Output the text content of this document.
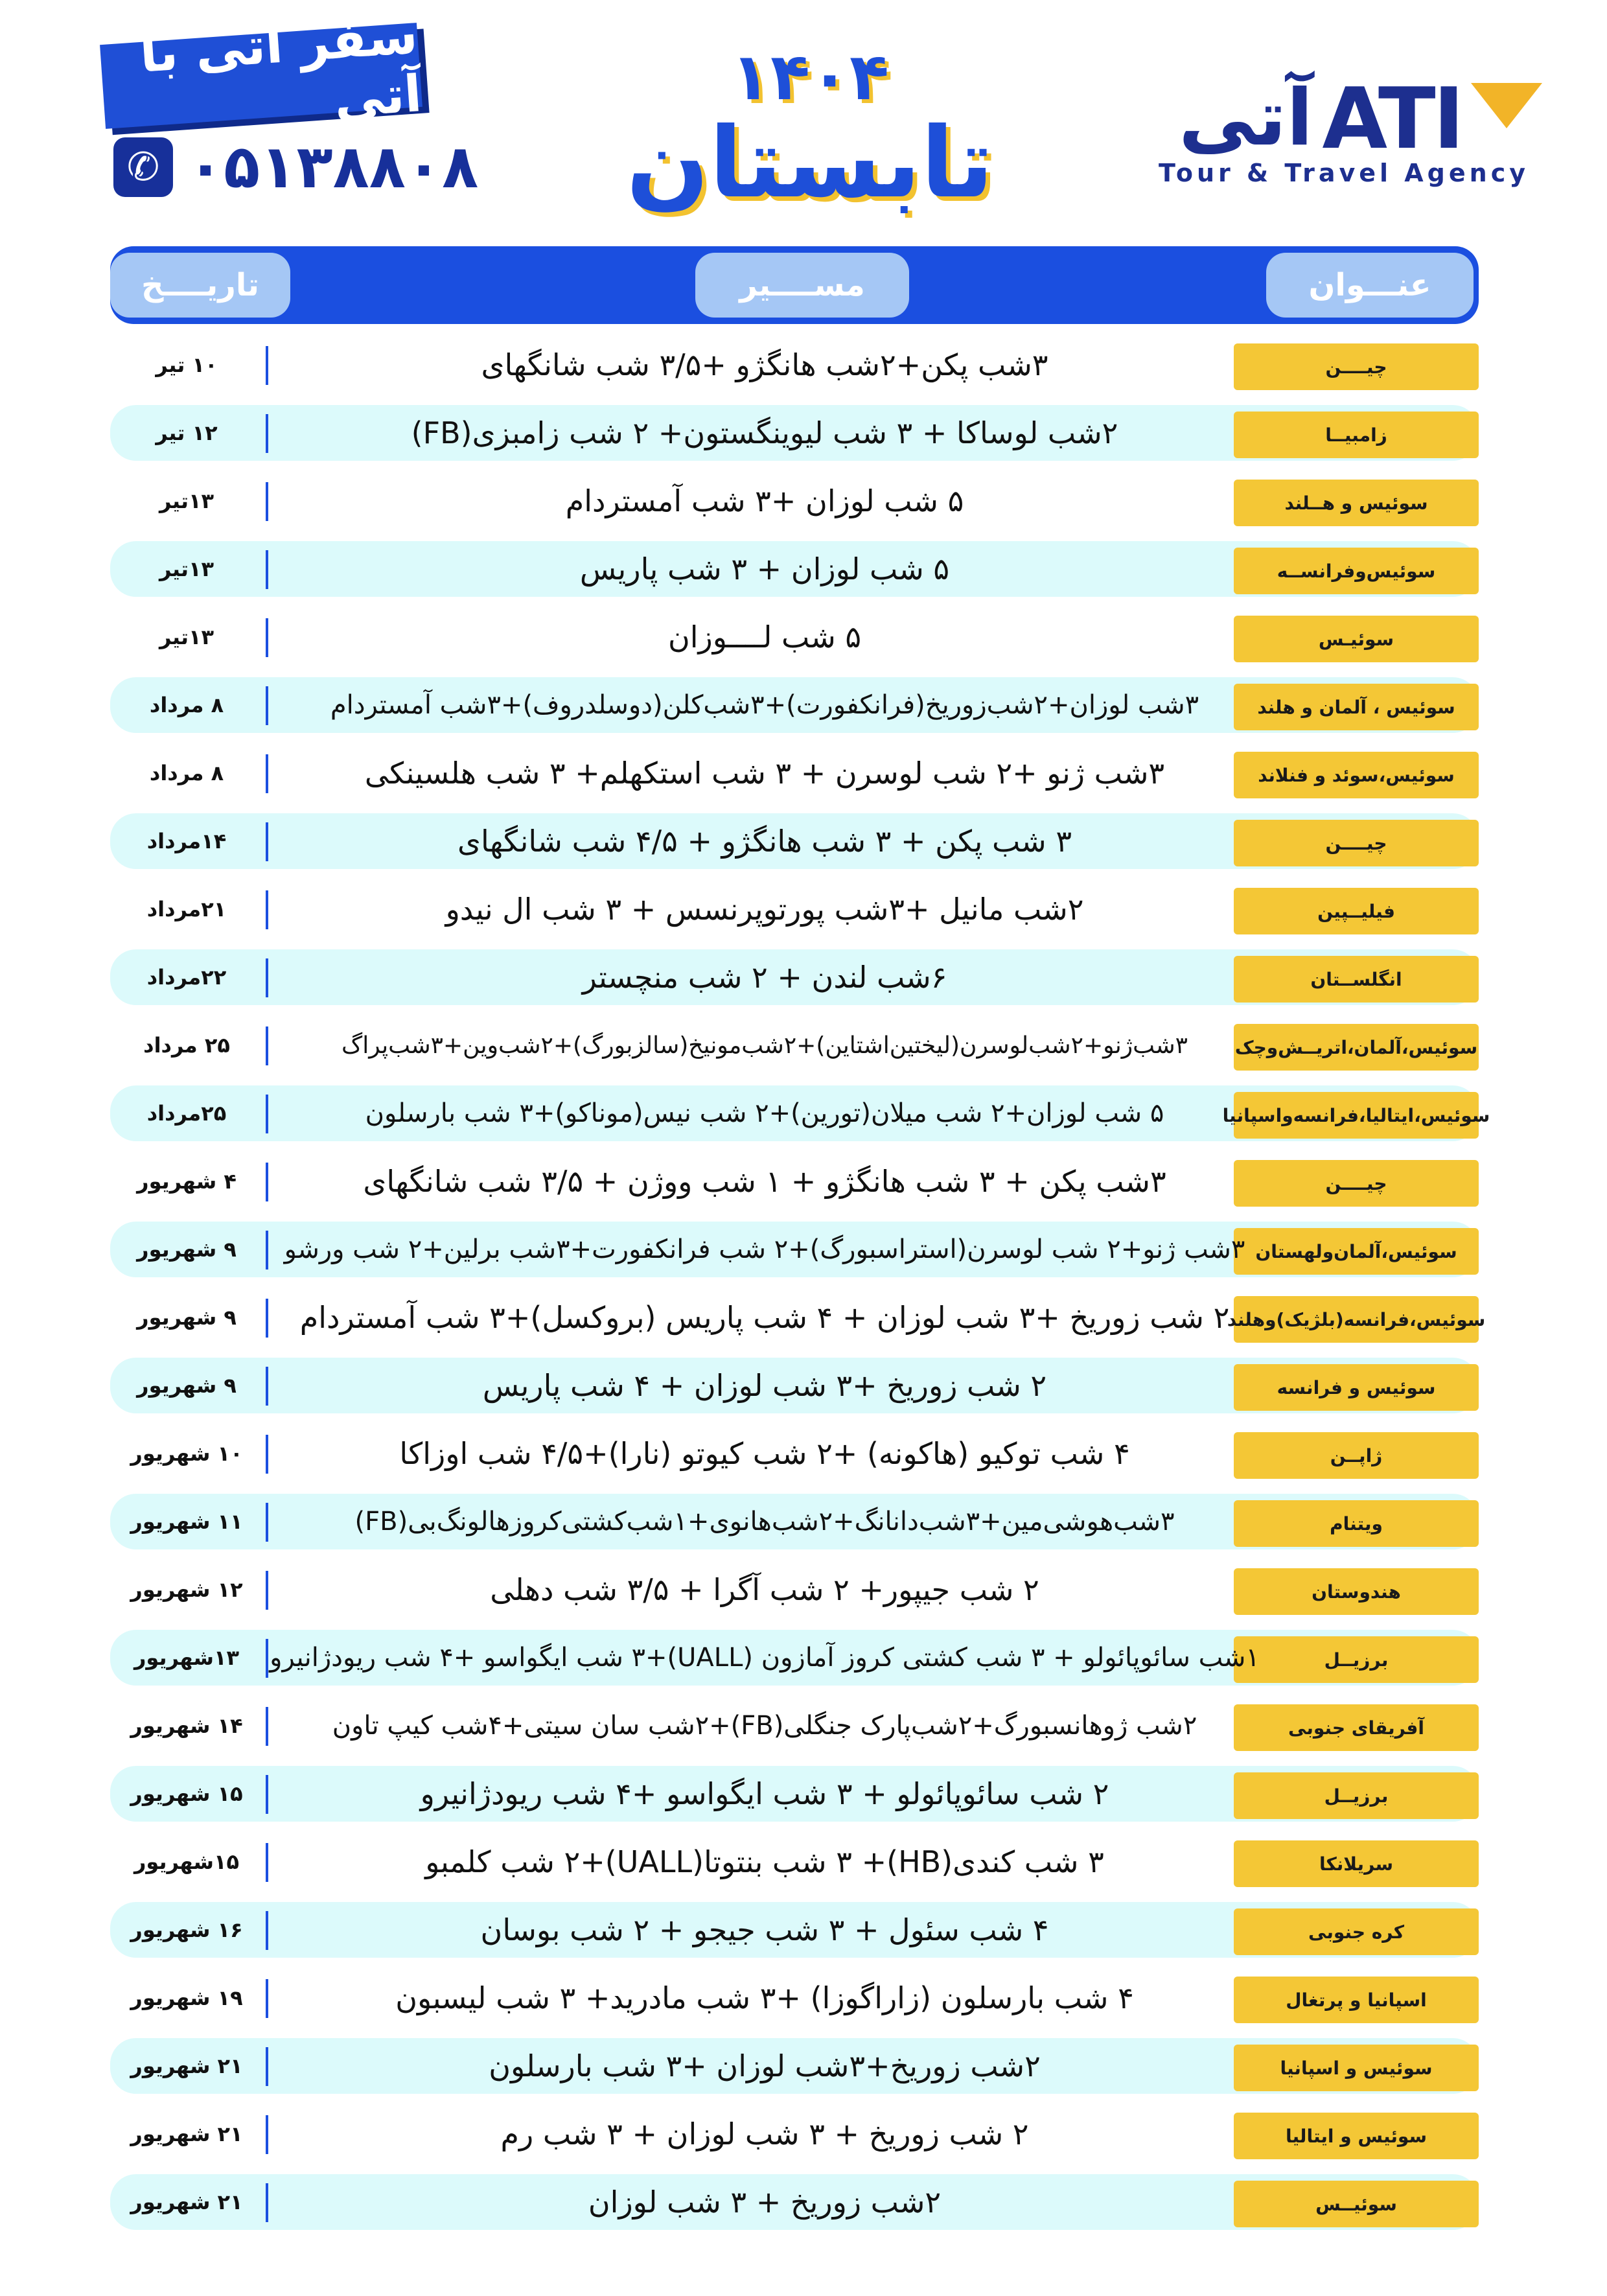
سفر آتی با آتی
✆ ۰۵۱۳۸۸۰۸
۱۴۰۴
تابستان	آتی ATI
Tour & Travel Agency
عنـــوان
مســــیر
تاریــــخ
چیــــن
۳شب پکن+۲شب هانگژو +۳/۵ شب شانگهای
۱۰ تیر
زامبیــا
۲شب لوساکا + ۳ شب لیوینگستون+ ۲ شب زامبزی(FB)
۱۲ تیر
سوئیس و هــلند
۵ شب لوزان +۳ شب آمستردام
۱۳تیر
سوئیس‌وفرانســه
۵ شب لوزان + ۳ شب پاریس
۱۳تیر
سوئیـس
۵ شب لــــوزان
۱۳تیر
سوئیس ، آلمان و هلند
۳شب لوزان+۲شب‌زوریخ(فرانکفورت)+۳شب‌کلن(دوسلدروف)+۳شب آمستردام
۸ مرداد
سوئیس،سوئد و فنلاند
۳شب ژنو +۲ شب لوسرن + ۳ شب استکهلم+ ۳ شب هلسینکی
۸ مرداد
چیــــن
۳ شب پکن + ۳ شب هانگژو + ۴/۵ شب شانگهای
۱۴مرداد
فیلیــپین
۲شب مانیل +۳شب پورتوپرنسس + ۳ شب ال نیدو
۲۱مرداد
انگلســتان
۶شب لندن + ۲ شب منچستر
۲۲مرداد
سوئیس،آلمان،اتریــش‌وچک
۳شب‌ژنو+۲شب‌لوسرن(لیختین‌اشتاین)+۲شب‌مونیخ(سالزبورگ)+۲شب‌وین+۳شب‌پراگ
۲۵ مرداد
سوئیس،ایتالیا،فرانسه‌واسپانیا
۵ شب لوزان+۲ شب میلان(تورین)+۲ شب نیس(موناکو)+۳ شب بارسلون
۲۵مرداد
چیــــن
۳شب پکن + ۳ شب هانگژو + ۱ شب ووژن + ۳/۵ شب شانگهای
۴ شهریور
سوئیس،آلمان‌ولهستان
۳شب ژنو+۲ شب لوسرن(استراسبورگ)+۲ شب فرانکفورت+۳شب برلین+۲ شب ورشو
۹ شهریور
سوئیس،فرانسه(بلژیک)وهلند
۲ شب زوریخ +۳ شب لوزان + ۴ شب پاریس (بروکسل)+۳ شب آمستردام
۹ شهریور
سوئیس و فرانسه
۲ شب زوریخ +۳ شب لوزان + ۴ شب پاریس
۹ شهریور
ژاپــن
۴ شب توکیو (هاکونه) +۲ شب کیوتو (نارا)+۴/۵ شب اوزاکا
۱۰ شهریور
ویتنام
۳شب‌هوشی‌مین+۳شب‌دانانگ+۲شب‌هانوی+۱شب‌کشتی‌کروزهالونگ‌بی(FB)
۱۱ شهریور
هندوستان
۲ شب جیپور+ ۲ شب آگرا + ۳/۵ شب دهلی
۱۲ شهریور
برزیــل
۱شب سائوپائولو + ۳ شب کشتی کروز آمازون (UALL)+۳ شب ایگواسو +۴ شب ریودژانیرو
۱۳شهریور
آفریقای جنوبی
۲شب ژوهانسبورگ+۲شب‌پارک جنگلی(FB)+۲شب سان سیتی+۴شب کیپ تاون
۱۴ شهریور
برزیــل
۲ شب سائوپائولو + ۳ شب ایگواسو +۴ شب ریودژانیرو
۱۵ شهریور
سریلانکا
۳ شب کندی(HB)+ ۳ شب بنتوتا(UALL)+۲ شب کلمبو
۱۵شهریور
کره جنوبی
۴ شب سئول + ۳ شب جیجو + ۲ شب بوسان
۱۶ شهریور
اسپانیا و پرتغال
۴ شب بارسلون (زاراگوزا) +۳ شب مادرید+ ۳ شب لیسبون
۱۹ شهریور
سوئیس و اسپانیا
۲شب زوریخ+۳شب لوزان +۳ شب بارسلون
۲۱ شهریور
سوئیس و ایتالیا
۲ شب زوریخ + ۳ شب لوزان + ۳ شب رم
۲۱ شهریور
سوئیــس
۲شب زوریخ + ۳ شب لوزان
۲۱ شهریور
